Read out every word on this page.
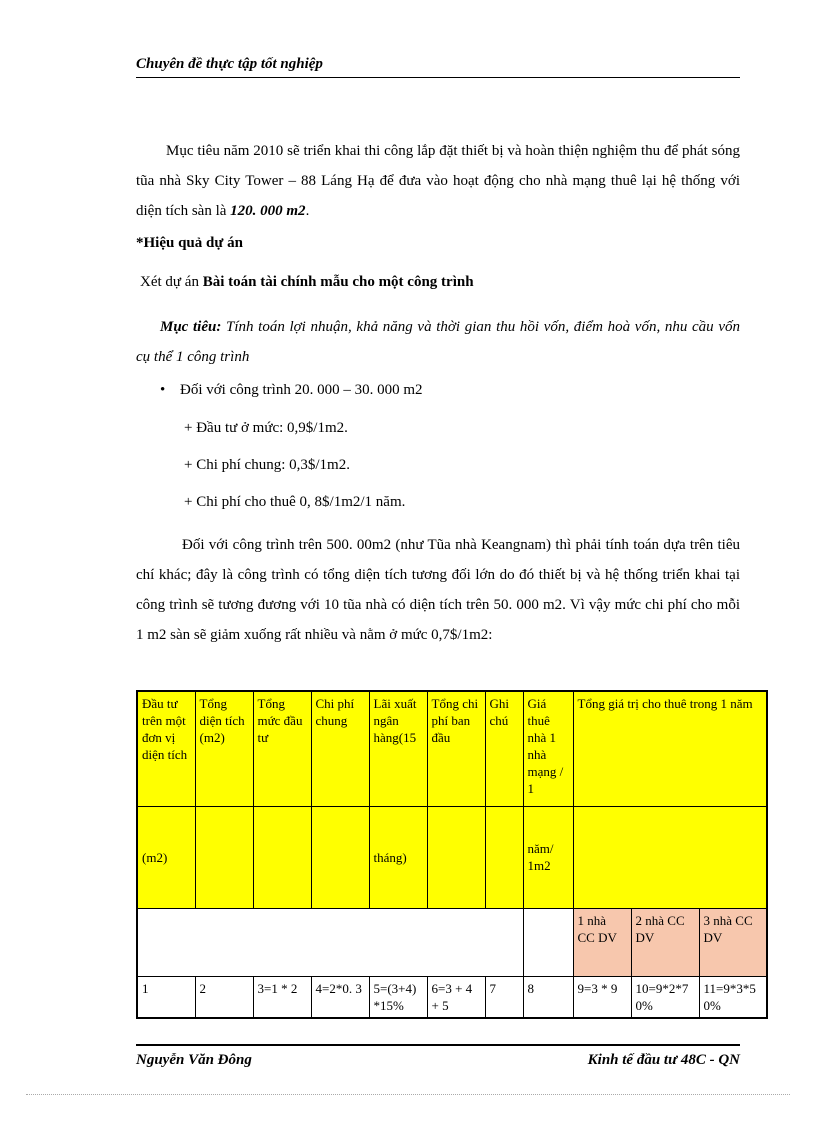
Chuyên đề thực tập tốt nghiệp
Mục tiêu năm 2010 sẽ triển khai thi công lắp đặt thiết bị và hoàn thiện nghiệm thu để phát sóng tũa nhà Sky City Tower – 88 Láng Hạ để đưa vào hoạt động cho nhà mạng thuê lại hệ thống với diện tích sàn là 120. 000 m2.
*Hiệu quả dự án
Xét dự án Bài toán tài chính mẫu cho một công trình
Mục tiêu: Tính toán lợi nhuận, khả năng và thời gian thu hồi vốn, điểm hoà vốn, nhu cầu vốn cụ thể 1 công trình
• Đối với công trình 20. 000 – 30. 000 m2
+ Đầu tư ở mức: 0,9$/1m2.
+ Chi phí chung: 0,3$/1m2.
+ Chi phí cho thuê 0, 8$/1m2/1 năm.
Đối với công trình trên 500. 00m2 (như Tũa nhà Keangnam) thì phải tính toán dựa trên tiêu chí khác; đây là công trình có tổng diện tích tương đối lớn do đó thiết bị và hệ thống triển khai tại công trình sẽ tương đương với 10 tũa nhà có diện tích trên 50. 000 m2. Vì vậy mức chi phí cho mỗi 1 m2 sàn sẽ giảm xuống rất nhiều và nằm ở mức 0,7$/1m2:
Đầu tư trên một đơn vị diện tích	Tổng diện tích (m2)	Tổng mức đầu tư	Chi phí chung	Lãi xuất ngân hàng(15	Tổng chi phí ban đầu	Ghi chú	Giá thuê nhà 1 nhà mạng / 1	Tổng giá trị cho thuê trong 1 năm		
(m2)				tháng)			năm/ 1m2			
								1 nhà CC DV	2 nhà CC DV	3 nhà CC DV
1	2	3=1 * 2	4=2*0. 3	5=(3+4) *15%	6=3 + 4 + 5	7	8	9=3 * 9	10=9*2*7 0%	11=9*3*5 0%
Nguyễn Văn Đông	Kinh tế đầu tư 48C - QN
